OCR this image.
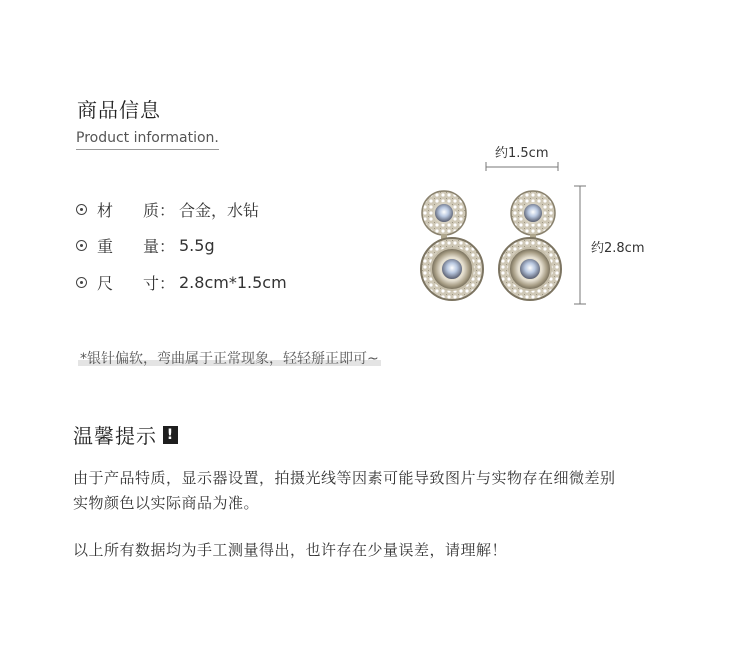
商品信息
Product information.
材	质： 合金，水钻
重	量： 5.5g
尺	寸： 2.8cm*1.5cm
约1.5cm
约2.8cm
*银针偏软，弯曲属于正常现象，轻轻掰正即可~
温馨提示 !
由于产品特质，显示器设置，拍摄光线等因素可能导致图片与实物存在细微差别
实物颜色以实际商品为准。
以上所有数据均为手工测量得出，也许存在少量误差，请理解！
